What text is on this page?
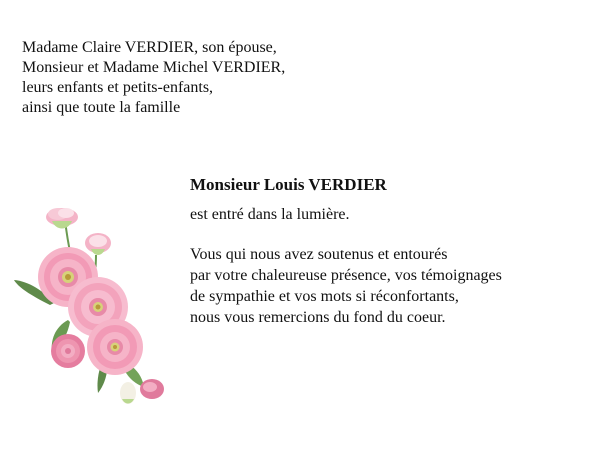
Madame Claire VERDIER, son épouse,
Monsieur et Madame Michel VERDIER,
leurs enfants et petits-enfants,
ainsi que toute la famille
Monsieur Louis VERDIER
est entré dans la lumière.
Vous qui nous avez soutenus et entourés
par votre chaleureuse présence, vos témoignages
de sympathie et vos mots si réconfortants,
nous vous remercions du fond du coeur.
